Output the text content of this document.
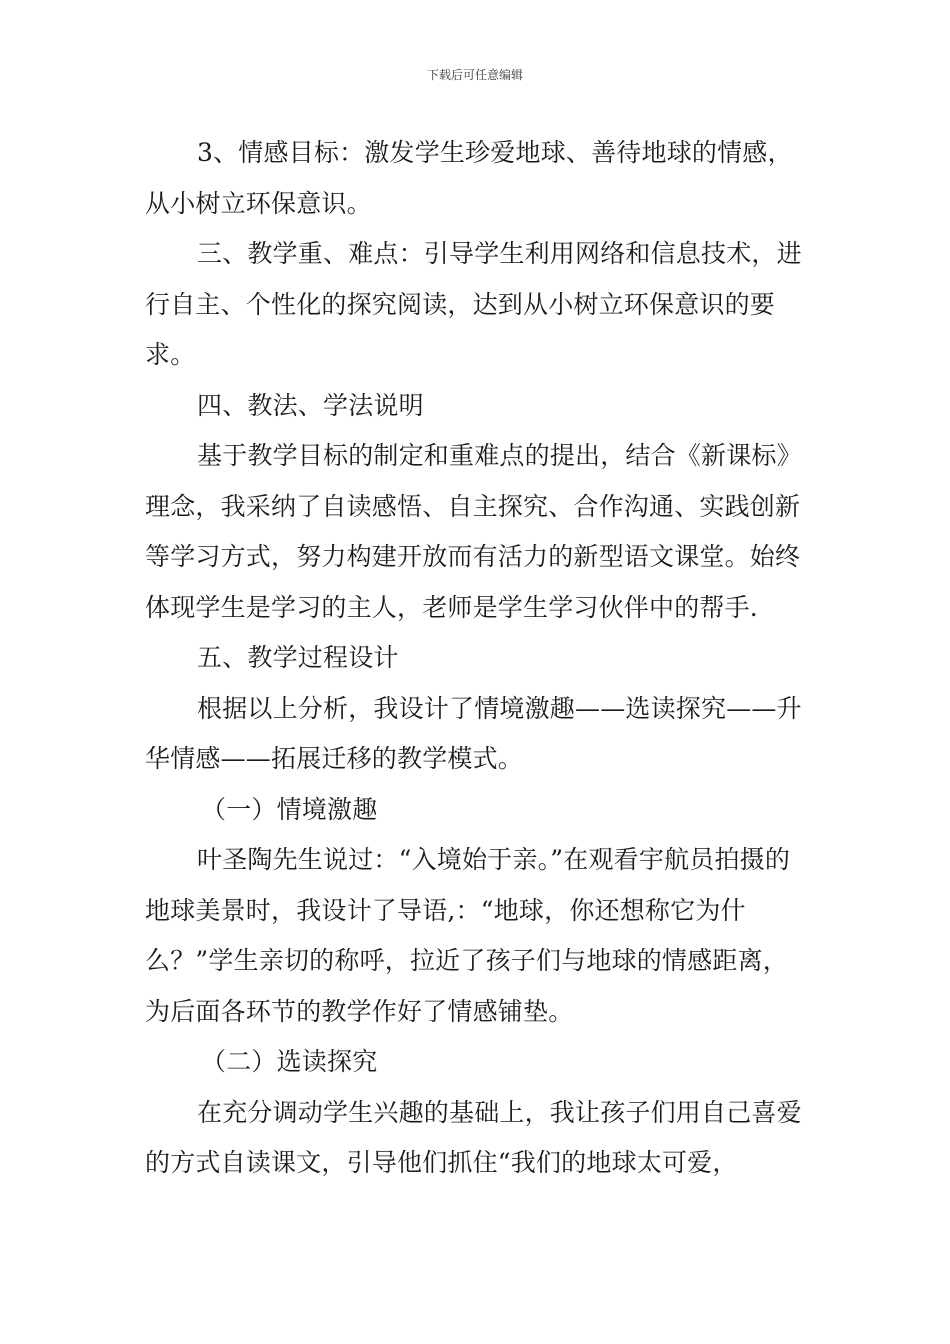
下载后可任意编辑

3、情感目标：激发学生珍爱地球、善待地球的情感，从小树立环保意识。

三、教学重、难点：引导学生利用网络和信息技术，进行自主、个性化的探究阅读，达到从小树立环保意识的要求。

四、教法、学法说明

基于教学目标的制定和重难点的提出，结合《新课标》理念，我采纳了自读感悟、自主探究、合作沟通、实践创新等学习方式，努力构建开放而有活力的新型语文课堂。始终体现学生是学习的主人，老师是学生学习伙伴中的帮手.

五、教学过程设计

根据以上分析，我设计了情境激趣——选读探究——升华情感——拓展迁移的教学模式。

（一）情境激趣

叶圣陶先生说过：“入境始于亲。”在观看宇航员拍摄的地球美景时，我设计了导语,：“地球，你还想称它为什么？”学生亲切的称呼，拉近了孩子们与地球的情感距离，为后面各环节的教学作好了情感铺垫。

（二）选读探究

在充分调动学生兴趣的基础上，我让孩子们用自己喜爱的方式自读课文，引导他们抓住“我们的地球太可爱，
